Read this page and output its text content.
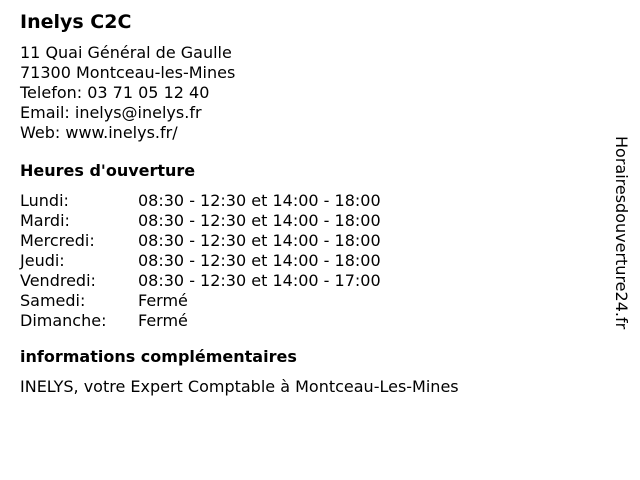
Inelys C2C
11 Quai Général de Gaulle
71300 Montceau-les-Mines
Telefon: 03 71 05 12 40
Email: inelys@inelys.fr
Web: www.inelys.fr/
Heures d'ouverture
Lundi:	08:30 - 12:30 et 14:00 - 18:00
Mardi:	08:30 - 12:30 et 14:00 - 18:00
Mercredi:	08:30 - 12:30 et 14:00 - 18:00
Jeudi:	08:30 - 12:30 et 14:00 - 18:00
Vendredi:	08:30 - 12:30 et 14:00 - 17:00
Samedi:	Fermé
Dimanche:	Fermé
informations complémentaires
INELYS, votre Expert Comptable à Montceau-Les-Mines
Horairesdouverture24.fr
